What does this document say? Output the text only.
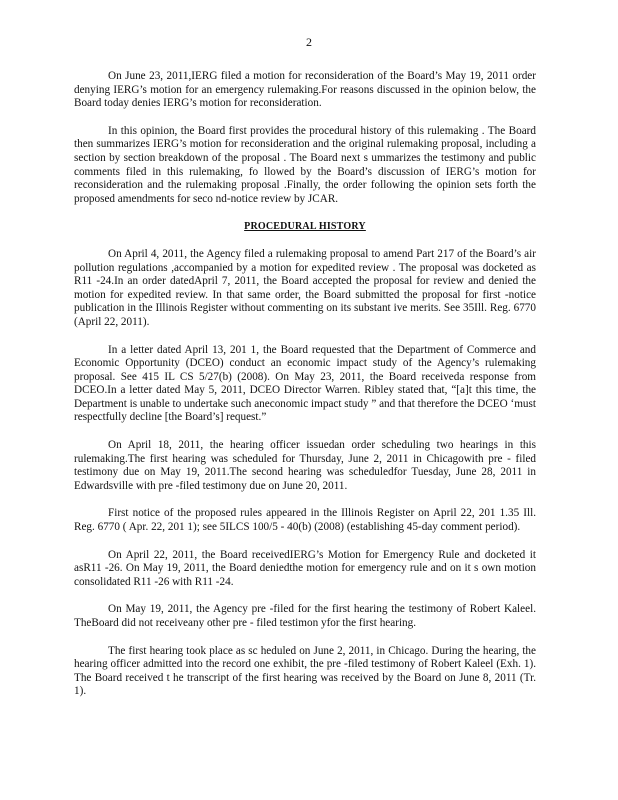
2

On June 23, 2011,IERG filed a motion for reconsideration of the Board’s May 19, 2011 order denying IERG’s motion for an emergency rulemaking.For reasons discussed in the opinion below, the Board today denies IERG’s motion for reconsideration.

In this opinion, the Board first provides the procedural history of this rulemaking . The Board then summarizes IERG’s motion for reconsideration and the original rulemaking proposal, including a section by section breakdown of the proposal . The Board next s ummarizes the testimony and public comments filed in this rulemaking, fo llowed by the Board’s discussion of IERG’s motion for reconsideration and the rulemaking proposal .Finally, the order following the opinion sets forth the proposed amendments for seco nd-notice review by JCAR.

PROCEDURAL HISTORY

On April 4, 2011, the Agency filed a rulemaking proposal to amend Part 217 of the Board’s air pollution regulations ,accompanied by a motion for expedited review . The proposal was docketed as R11 -24.In an order datedApril 7, 2011, the Board accepted the proposal for review and denied the motion for expedited review. In that same order, the Board submitted the proposal for first -notice publication in the Illinois Register without commenting on its substant ive merits. See 35Ill. Reg. 6770 (April 22, 2011).

In a letter dated April 13, 201 1, the Board requested that the Department of Commerce and Economic Opportunity (DCEO) conduct an economic impact study of the Agency’s rulemaking proposal. See 415 IL CS 5/27(b) (2008). On May 23, 2011, the Board receiveda response from DCEO.In a letter dated May 5, 2011, DCEO Director Warren. Ribley stated that, “[a]t this time, the Department is unable to undertake such aneconomic impact study ” and that therefore the DCEO ‘must respectfully decline [the Board’s] request.”

On April 18, 2011, the hearing officer issuedan order scheduling two hearings in this rulemaking.The first hearing was scheduled for Thursday, June 2, 2011 in Chicagowith pre - filed testimony due on May 19, 2011.The second hearing was scheduledfor Tuesday, June 28, 2011 in Edwardsville with pre -filed testimony due on June 20, 2011.

First notice of the proposed rules appeared in the Illinois Register on April 22, 201 1.35 Ill. Reg. 6770 ( Apr. 22, 201 1); see 5ILCS 100/5 - 40(b) (2008) (establishing 45-day comment period).

On April 22, 2011, the Board receivedIERG’s Motion for Emergency Rule and docketed it asR11 -26. On May 19, 2011, the Board deniedthe motion for emergency rule and on it s own motion consolidated R11 -26 with R11 -24.

On May 19, 2011, the Agency pre -filed for the first hearing the testimony of Robert Kaleel. TheBoard did not receiveany other pre - filed testimon yfor the first hearing.

The first hearing took place as sc heduled on June 2, 2011, in Chicago. During the hearing, the hearing officer admitted into the record one exhibit, the pre -filed testimony of Robert Kaleel (Exh. 1). The Board received t he transcript of the first hearing was received by the Board on June 8, 2011 (Tr. 1).
